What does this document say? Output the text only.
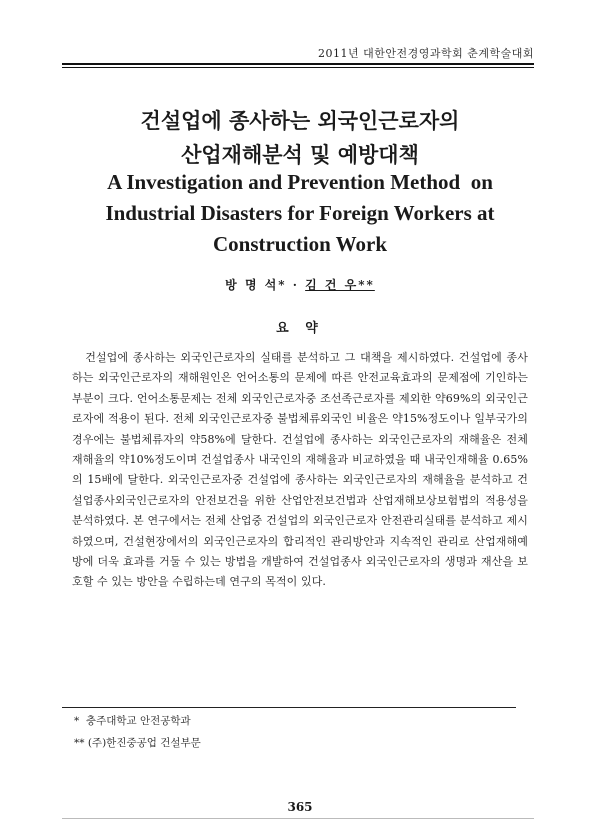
2011년 대한안전경영과학회 춘계학술대회
건설업에 종사하는 외국인근로자의
산업재해분석 및 예방대책
A Investigation and Prevention Method  on
Industrial Disasters for Foreign Workers at
Construction Work
방 명 석* · 김 건 우**
요 약
건설업에 종사하는 외국인근로자의 실태를 분석하고 그 대책을 제시하였다. 건설업에 종사하는 외국인근로자의 재해원인은 언어소통의 문제에 따른 안전교육효과의 문제점에 기인하는 부분이 크다. 언어소통문제는 전체 외국인근로자중 조선족근로자를 제외한 약69%의 외국인근로자에 적용이 된다. 전체 외국인근로자중 불법체류외국인 비율은 약15%정도이나 일부국가의 경우에는 불법체류자의 약58%에 달한다. 건설업에 종사하는 외국인근로자의 재해율은 전체 재해율의 약10%정도이며 건설업종사 내국인의 재해율과 비교하였을 때 내국인재해율 0.65%의 15배에 달한다. 외국인근로자중 건설업에 종사하는 외국인근로자의 재해율을 분석하고 건설업종사외국인근로자의 안전보건을 위한 산업안전보건법과 산업재해보상보험법의 적용성을 분석하였다. 본 연구에서는 전체 산업중 건설업의 외국인근로자 안전관리실태를 분석하고 제시하였으며, 건설현장에서의 외국인근로자의 합리적인 관리방안과 지속적인 관리로 산업재해예방에 더욱 효과를 거둘 수 있는 방법을 개발하여 건설업종사 외국인근로자의 생명과 재산을 보호할 수 있는 방안을 수립하는데 연구의 목적이 있다.
*  충주대학교 안전공학과
** (주)한진중공업 건설부문
365
